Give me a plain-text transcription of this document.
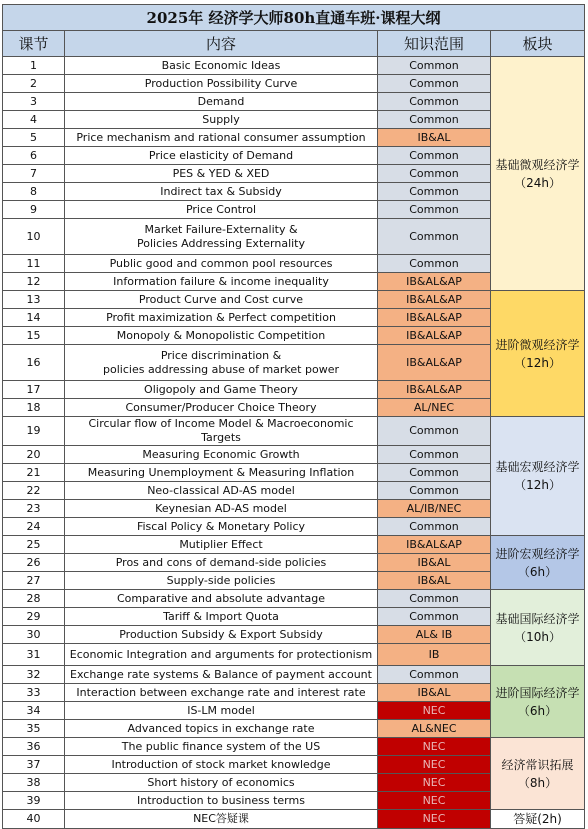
2025年 经济学大师80h直通车班·课程大纲			
课节	内容	知识范围	板块
1	Basic Economic Ideas	Common	基础微观经济学
（24h）

2	Production Possibility Curve	Common	
3	Demand	Common	
4	Supply	Common	
5	Price mechanism and rational consumer assumption	IB&AL	
6	Price elasticity of Demand	Common	
7	PES & YED & XED	Common	
8	Indirect tax & Subsidy	Common	
9	Price Control	Common	
10	Market Failure-Externality &
Policies Addressing Externality	Common	
11	Public good and common pool resources	Common	
12	Information failure & income inequality	IB&AL&AP	
13	Product Curve and Cost curve	IB&AL&AP	进阶微观经济学
（12h）

14	Profit maximization & Perfect competition	IB&AL&AP	
15	Monopoly & Monopolistic Competition	IB&AL&AP	
16	Price discrimination &
policies addressing abuse of market power	IB&AL&AP	
17	Oligopoly and Game Theory	IB&AL&AP	
18	Consumer/Producer Choice Theory	AL/NEC	
19	Circular flow of Income Model & Macroeconomic Targets	Common	基础宏观经济学
（12h）

20	Measuring Economic Growth	Common	
21	Measuring Unemployment & Measuring Inflation	Common	
22	Neo-classical AD-AS model	Common	
23	Keynesian AD-AS model	AL/IB/NEC	
24	Fiscal Policy & Monetary Policy	Common	
25	Mutiplier Effect	IB&AL&AP	进阶宏观经济学
（6h）

26	Pros and cons of demand-side policies	IB&AL	
27	Supply-side policies	IB&AL	
28	Comparative and absolute advantage	Common	基础国际经济学
（10h）

29	Tariff & Import Quota	Common	
30	Production Subsidy & Export Subsidy	AL& IB	
31	Economic Integration and arguments for protectionism	IB	
32	Exchange rate systems & Balance of payment account	Common	进阶国际经济学
（6h）

33	Interaction between exchange rate and interest rate	IB&AL	
34	IS-LM model	NEC	
35	Advanced topics in exchange rate	AL&NEC	
36	The public finance system of the US	NEC	经济常识拓展
（8h）

37	Introduction of stock market knowledge	NEC	
38	Short history of economics	NEC	
39	Introduction to business terms	NEC	
40	NEC答疑课	NEC	答疑(2h)
